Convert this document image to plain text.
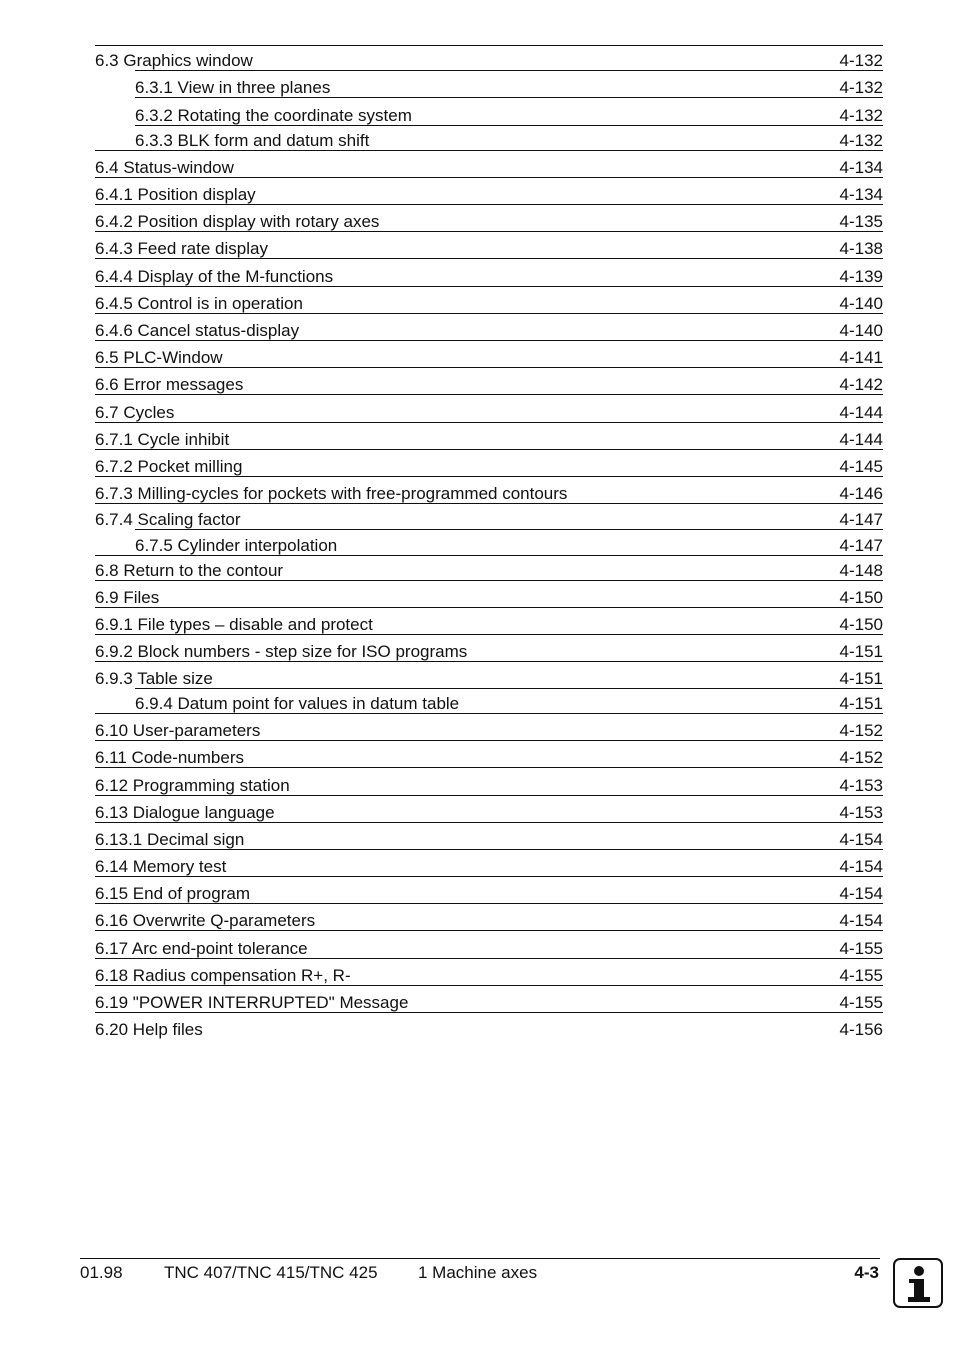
6.3 Graphics window	4-132
6.3.1 View in three planes	4-132
6.3.2 Rotating the coordinate system	4-132
6.3.3 BLK form and datum shift	4-132
6.4 Status-window	4-134
6.4.1 Position display	4-134
6.4.2 Position display with rotary axes	4-135
6.4.3 Feed rate display	4-138
6.4.4 Display of the M-functions	4-139
6.4.5 Control is in operation	4-140
6.4.6 Cancel status-display	4-140
6.5 PLC-Window	4-141
6.6 Error messages	4-142
6.7 Cycles	4-144
6.7.1 Cycle inhibit	4-144
6.7.2 Pocket milling	4-145
6.7.3 Milling-cycles for pockets with free-programmed contours	4-146
6.7.4 Scaling factor	4-147
6.7.5 Cylinder interpolation	4-147
6.8 Return to the contour	4-148
6.9 Files	4-150
6.9.1 File types – disable and protect	4-150
6.9.2 Block numbers - step size for ISO programs	4-151
6.9.3 Table size	4-151
6.9.4 Datum point for values in datum table	4-151
6.10 User-parameters	4-152
6.11 Code-numbers	4-152
6.12 Programming station	4-153
6.13 Dialogue language	4-153
6.13.1 Decimal sign	4-154
6.14 Memory test	4-154
6.15 End of program	4-154
6.16 Overwrite Q-parameters	4-154
6.17 Arc end-point tolerance	4-155
6.18 Radius compensation R+, R-	4-155
6.19 "POWER INTERRUPTED" Message	4-155
6.20 Help files	4-156
01.98 TNC 407/TNC 415/TNC 425 1 Machine axes	4-3
